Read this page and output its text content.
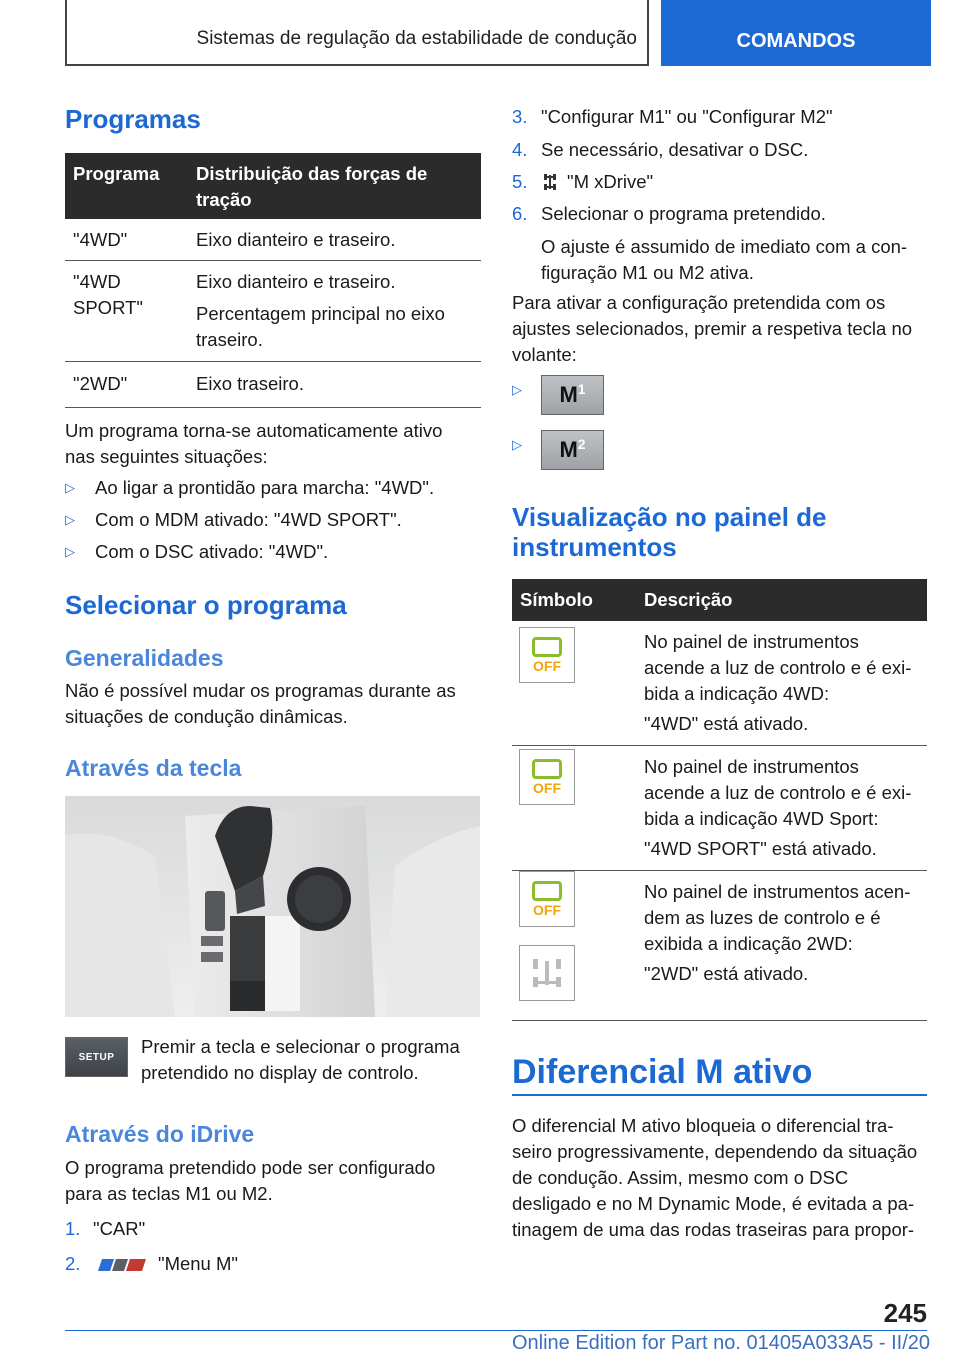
Sistemas de regulação da estabilidade de condução	COMANDOS
Programas
Programa	Distribuição das forças de tração
"4WD"	Eixo dianteiro e traseiro.
"4WD SPORT"	Eixo dianteiro e traseiro.
Percentagem principal no eixo traseiro.

"2WD"	Eixo traseiro.
Um programa torna-se automaticamente ativo nas seguintes situações:
▷	Ao ligar a prontidão para marcha: "4WD".
▷	Com o MDM ativado: "4WD SPORT".
▷	Com o DSC ativado: "4WD".
Selecionar o programa
Generalidades
Não é possível mudar os programas durante as situações de condução dinâmicas.
Através da tecla
SETUP Premir a tecla e selecionar o programa pretendido no display de controlo.
Através do iDrive
O programa pretendido pode ser configurado para as teclas M1 ou M2.
1. "CAR"
2.	"Menu M"
3. "Configurar M1" ou "Configurar M2"
4. Se necessário, desativar o DSC.
5. "M xDrive"
6. Selecionar o programa pretendido.
O ajuste é assumido de imediato com a configuração M1 ou M2 ativa.
Para ativar a configuração pretendida com os ajustes selecionados, premir a respetiva tecla no volante:
▷	M 1
▷	M 2
Visualização no painel de instrumentos
Símbolo	Descrição

	No painel de instrumentos acende a luz de controlo e é exibida a indicação 4WD:
"4WD" está ativado.

	No painel de instrumentos acende a luz de controlo e é exibida a indicação 4WD Sport:
"4WD SPORT" está ativado.

	No painel de instrumentos acendem as luzes de controlo e é exibida a indicação 2WD:
"2WD" está ativado.
OFF
OFF
OFF
Diferencial M ativo
O diferencial M ativo bloqueia o diferencial traseiro progressivamente, dependendo da situação de condução. Assim, mesmo com o DSC desligado e no M Dynamic Mode, é evitada a patinagem de uma das rodas traseiras para propor-
245
Online Edition for Part no. 01405A033A5 - II/20
